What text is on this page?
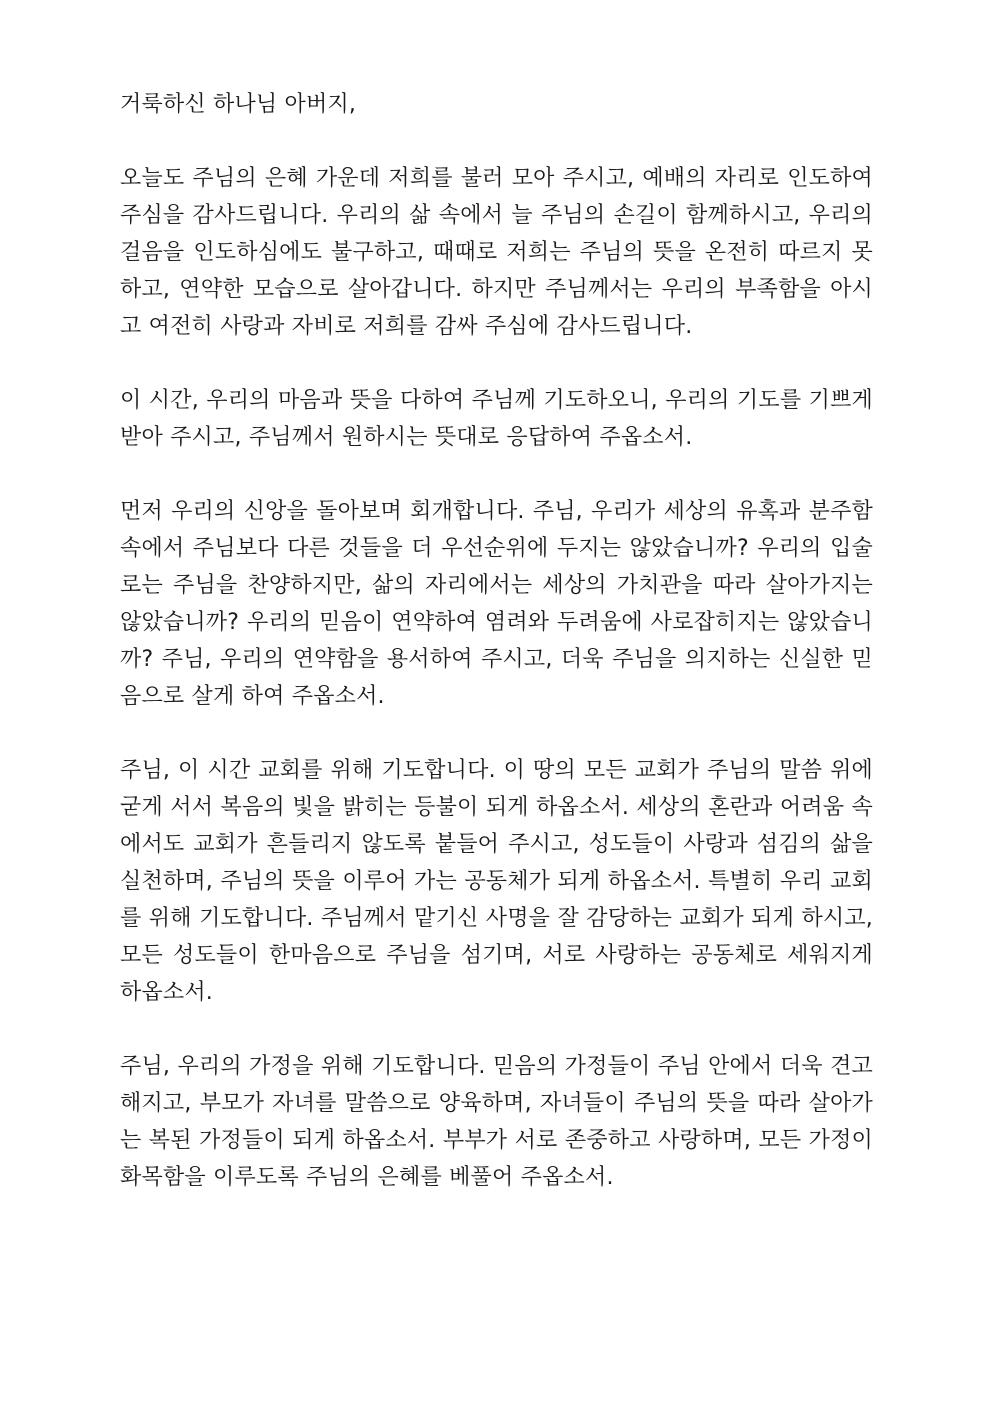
거룩하신 하나님 아버지,

오늘도 주님의 은혜 가운데 저희를 불러 모아 주시고, 예배의 자리로 인도하여 주심을 감사드립니다. 우리의 삶 속에서 늘 주님의 손길이 함께하시고, 우리의 걸음을 인도하심에도 불구하고, 때때로 저희는 주님의 뜻을 온전히 따르지 못하고, 연약한 모습으로 살아갑니다. 하지만 주님께서는 우리의 부족함을 아시고 여전히 사랑과 자비로 저희를 감싸 주심에 감사드립니다.

이 시간, 우리의 마음과 뜻을 다하여 주님께 기도하오니, 우리의 기도를 기쁘게 받아 주시고, 주님께서 원하시는 뜻대로 응답하여 주옵소서.

먼저 우리의 신앙을 돌아보며 회개합니다. 주님, 우리가 세상의 유혹과 분주함 속에서 주님보다 다른 것들을 더 우선순위에 두지는 않았습니까? 우리의 입술로는 주님을 찬양하지만, 삶의 자리에서는 세상의 가치관을 따라 살아가지는 않았습니까? 우리의 믿음이 연약하여 염려와 두려움에 사로잡히지는 않았습니까? 주님, 우리의 연약함을 용서하여 주시고, 더욱 주님을 의지하는 신실한 믿음으로 살게 하여 주옵소서.

주님, 이 시간 교회를 위해 기도합니다. 이 땅의 모든 교회가 주님의 말씀 위에 굳게 서서 복음의 빛을 밝히는 등불이 되게 하옵소서. 세상의 혼란과 어려움 속에서도 교회가 흔들리지 않도록 붙들어 주시고, 성도들이 사랑과 섬김의 삶을 실천하며, 주님의 뜻을 이루어 가는 공동체가 되게 하옵소서. 특별히 우리 교회를 위해 기도합니다. 주님께서 맡기신 사명을 잘 감당하는 교회가 되게 하시고, 모든 성도들이 한마음으로 주님을 섬기며, 서로 사랑하는 공동체로 세워지게 하옵소서.

주님, 우리의 가정을 위해 기도합니다. 믿음의 가정들이 주님 안에서 더욱 견고해지고, 부모가 자녀를 말씀으로 양육하며, 자녀들이 주님의 뜻을 따라 살아가는 복된 가정들이 되게 하옵소서. 부부가 서로 존중하고 사랑하며, 모든 가정이 화목함을 이루도록 주님의 은혜를 베풀어 주옵소서.
